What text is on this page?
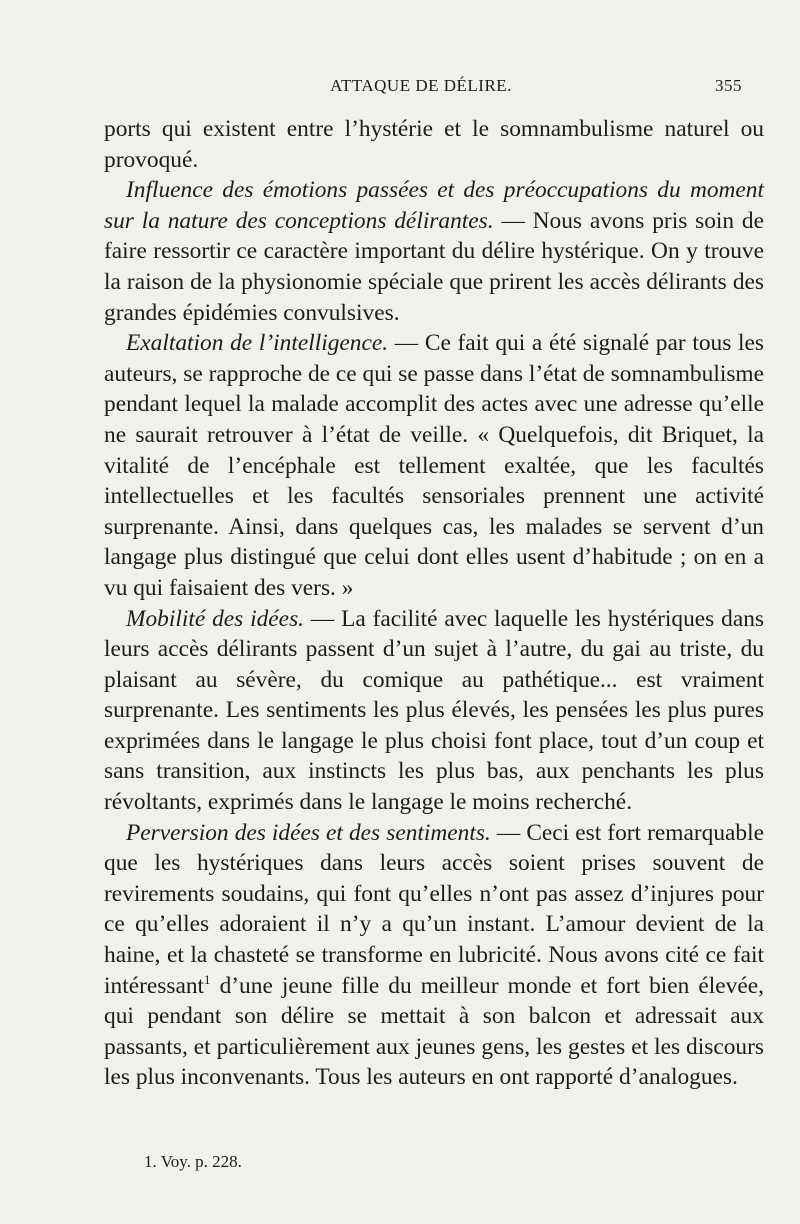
ATTAQUE DE DÉLIRE.	355

ports qui existent entre l’hystérie et le somnambulisme naturel ou provoqué.

Influence des émotions passées et des préoccupations du moment sur la nature des conceptions délirantes. — Nous avons pris soin de faire ressortir ce caractère important du délire hystérique. On y trouve la raison de la physionomie spéciale que prirent les accès délirants des grandes épidémies convulsives.

Exaltation de l’intelligence. — Ce fait qui a été signalé par tous les auteurs, se rapproche de ce qui se passe dans l’état de somnambulisme pendant lequel la malade accomplit des actes avec une adresse qu’elle ne saurait retrouver à l’état de veille. « Quelquefois, dit Briquet, la vitalité de l’encéphale est tellement exaltée, que les facultés intellectuelles et les facultés sensoriales prennent une activité surprenante. Ainsi, dans quelques cas, les malades se servent d’un langage plus distingué que celui dont elles usent d’habitude ; on en a vu qui faisaient des vers. »

Mobilité des idées. — La facilité avec laquelle les hystériques dans leurs accès délirants passent d’un sujet à l’autre, du gai au triste, du plaisant au sévère, du comique au pathétique... est vraiment surprenante. Les sentiments les plus élevés, les pensées les plus pures exprimées dans le langage le plus choisi font place, tout d’un coup et sans transition, aux instincts les plus bas, aux penchants les plus révoltants, exprimés dans le langage le moins recherché.

Perversion des idées et des sentiments. — Ceci est fort remarquable que les hystériques dans leurs accès soient prises souvent de revirements soudains, qui font qu’elles n’ont pas assez d’injures pour ce qu’elles adoraient il n’y a qu’un instant. L’amour devient de la haine, et la chasteté se transforme en lubricité. Nous avons cité ce fait intéressant$^1$ d’une jeune fille du meilleur monde et fort bien élevée, qui pendant son délire se mettait à son balcon et adressait aux passants, et particulièrement aux jeunes gens, les gestes et les discours les plus inconvenants. Tous les auteurs en ont rapporté d’analogues.

1. Voy. p. 228.
